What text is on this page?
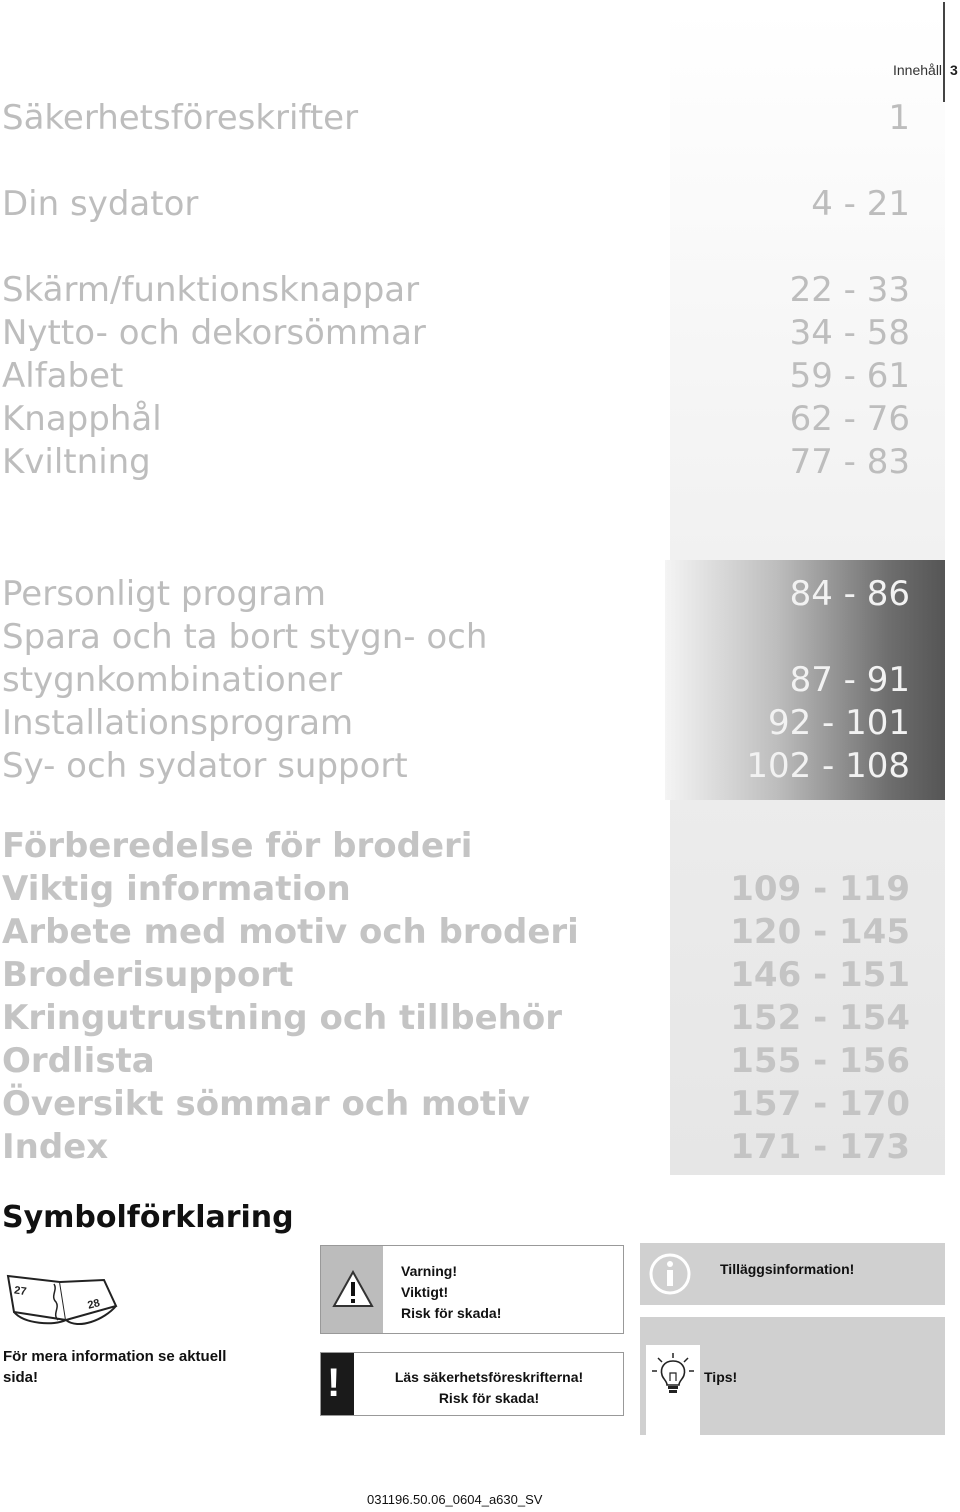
Innehåll 3
Säkerhetsföreskrifter	1
Din sydator	4 - 21
Skärm/funktionsknappar	22 - 33
Nytto- och dekorsömmar	34 - 58
Alfabet	59 - 61
Knapphål	62 - 76
Kviltning	77 - 83
Personligt program	84 - 86
Spara och ta bort stygn- och
stygnkombinationer	87 - 91
Installationsprogram	92 - 101
Sy- och sydator support	102 - 108
Förberedelse för broderi
Viktig information	109 - 119
Arbete med motiv och broderi	120 - 145
Broderisupport	146 - 151
Kringutrustning och tillbehör	152 - 154
Ordlista	155 - 156
Översikt sömmar och motiv	157 - 170
Index	171 - 173
Symbolförklaring
27
28
För mera information se aktuell sida!
Varning!
Viktigt!
Risk för skada!
Tilläggsinformation!
!	Läs säkerhetsföreskrifterna!
Risk för skada!
Tips!
031196.50.06_0604_a630_SV
